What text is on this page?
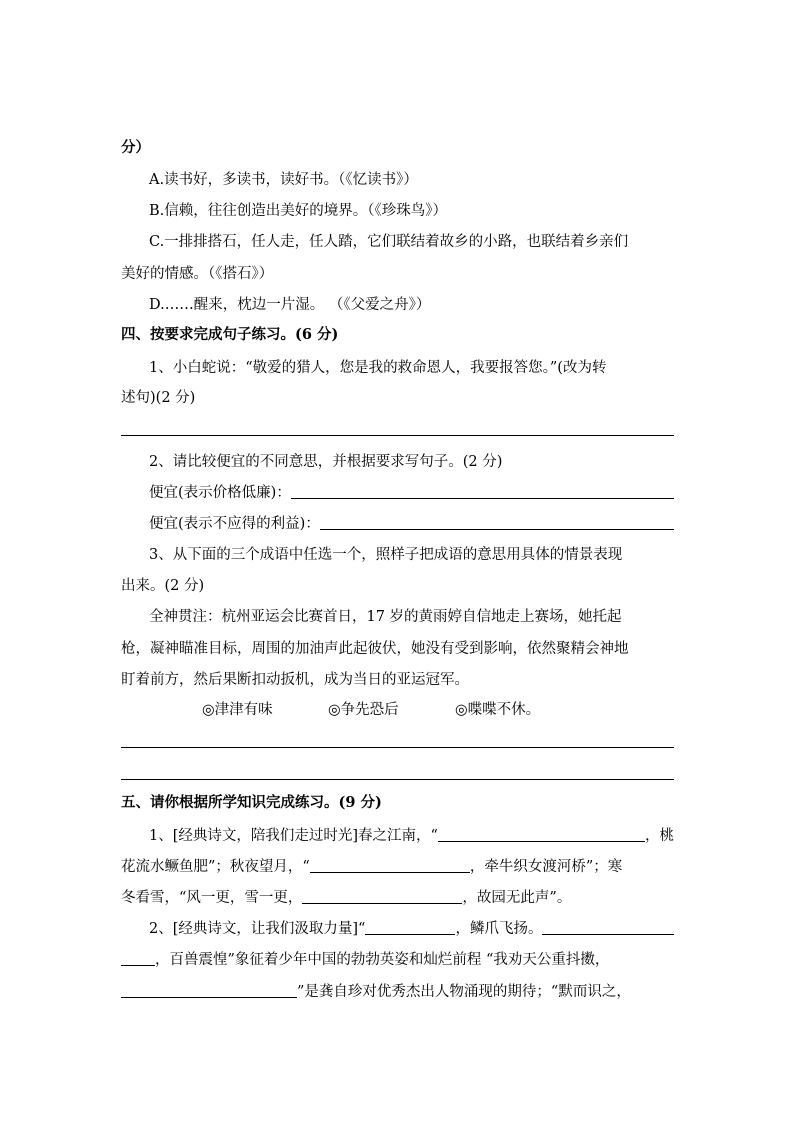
分）
A.读书好，多读书，读好书。（《忆读书》）
B.信赖，往往创造出美好的境界。（《珍珠鸟》）
C.一排排搭石，任人走，任人踏，它们联结着故乡的小路，也联结着乡亲们
美好的情感。（《搭石》）
D.……醒来，枕边一片湿。 （《父爱之舟》）
四、按要求完成句子练习。(6 分)
1、小白蛇说：“敬爱的猎人，您是我的救命恩人，我要报答您。”(改为转
述句)(2 分)
2、请比较便宜的不同意思，并根据要求写句子。(2 分)
便宜(表示价格低廉)：
便宜(表示不应得的利益)：
3、从下面的三个成语中任选一个，照样子把成语的意思用具体的情景表现
出来。(2 分)
全神贯注：杭州亚运会比赛首日，17 岁的黄雨婷自信地走上赛场，她托起
枪，凝神瞄准目标，周围的加油声此起彼伏，她没有受到影响，依然聚精会神地
盯着前方，然后果断扣动扳机，成为当日的亚运冠军。
◎津津有味	◎争先恐后	◎喋喋不休。
五、请你根据所学知识完成练习。(9 分)
1、[经典诗文，陪我们走过时光]春之江南，“	，桃
花流水鳜鱼肥”；秋夜望月，“	，牵牛织女渡河桥”；寒
冬看雪，“风一更，雪一更，	，故园无此声”。
2、[经典诗文，让我们汲取力量]“	，鳞爪飞扬。
，百兽震惶”象征着少年中国的勃勃英姿和灿烂前程 “我劝天公重抖擞，
”是龚自珍对优秀杰出人物涌现的期待；“默而识之，
